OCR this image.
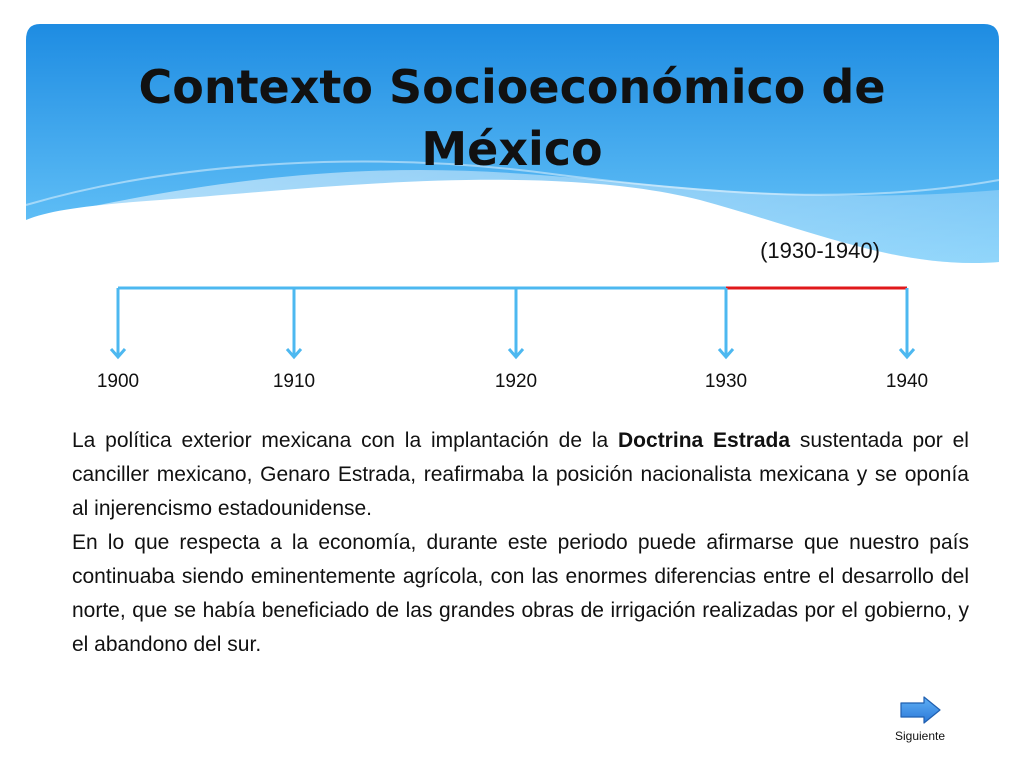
Contexto Socioeconómico de México
(1930-1940)
1900	1910	1920	1930	1940

La política exterior mexicana con la implantación de la Doctrina Estrada sustentada por el canciller mexicano, Genaro Estrada, reafirmaba la posición nacionalista mexicana y se oponía al injerencismo estadounidense.

En lo que respecta a la economía, durante este periodo puede afirmarse que nuestro país continuaba siendo eminentemente agrícola, con las enormes diferencias entre el desarrollo del norte, que se había beneficiado de las grandes obras de irrigación realizadas por el gobierno, y el abandono del sur.

Siguiente
